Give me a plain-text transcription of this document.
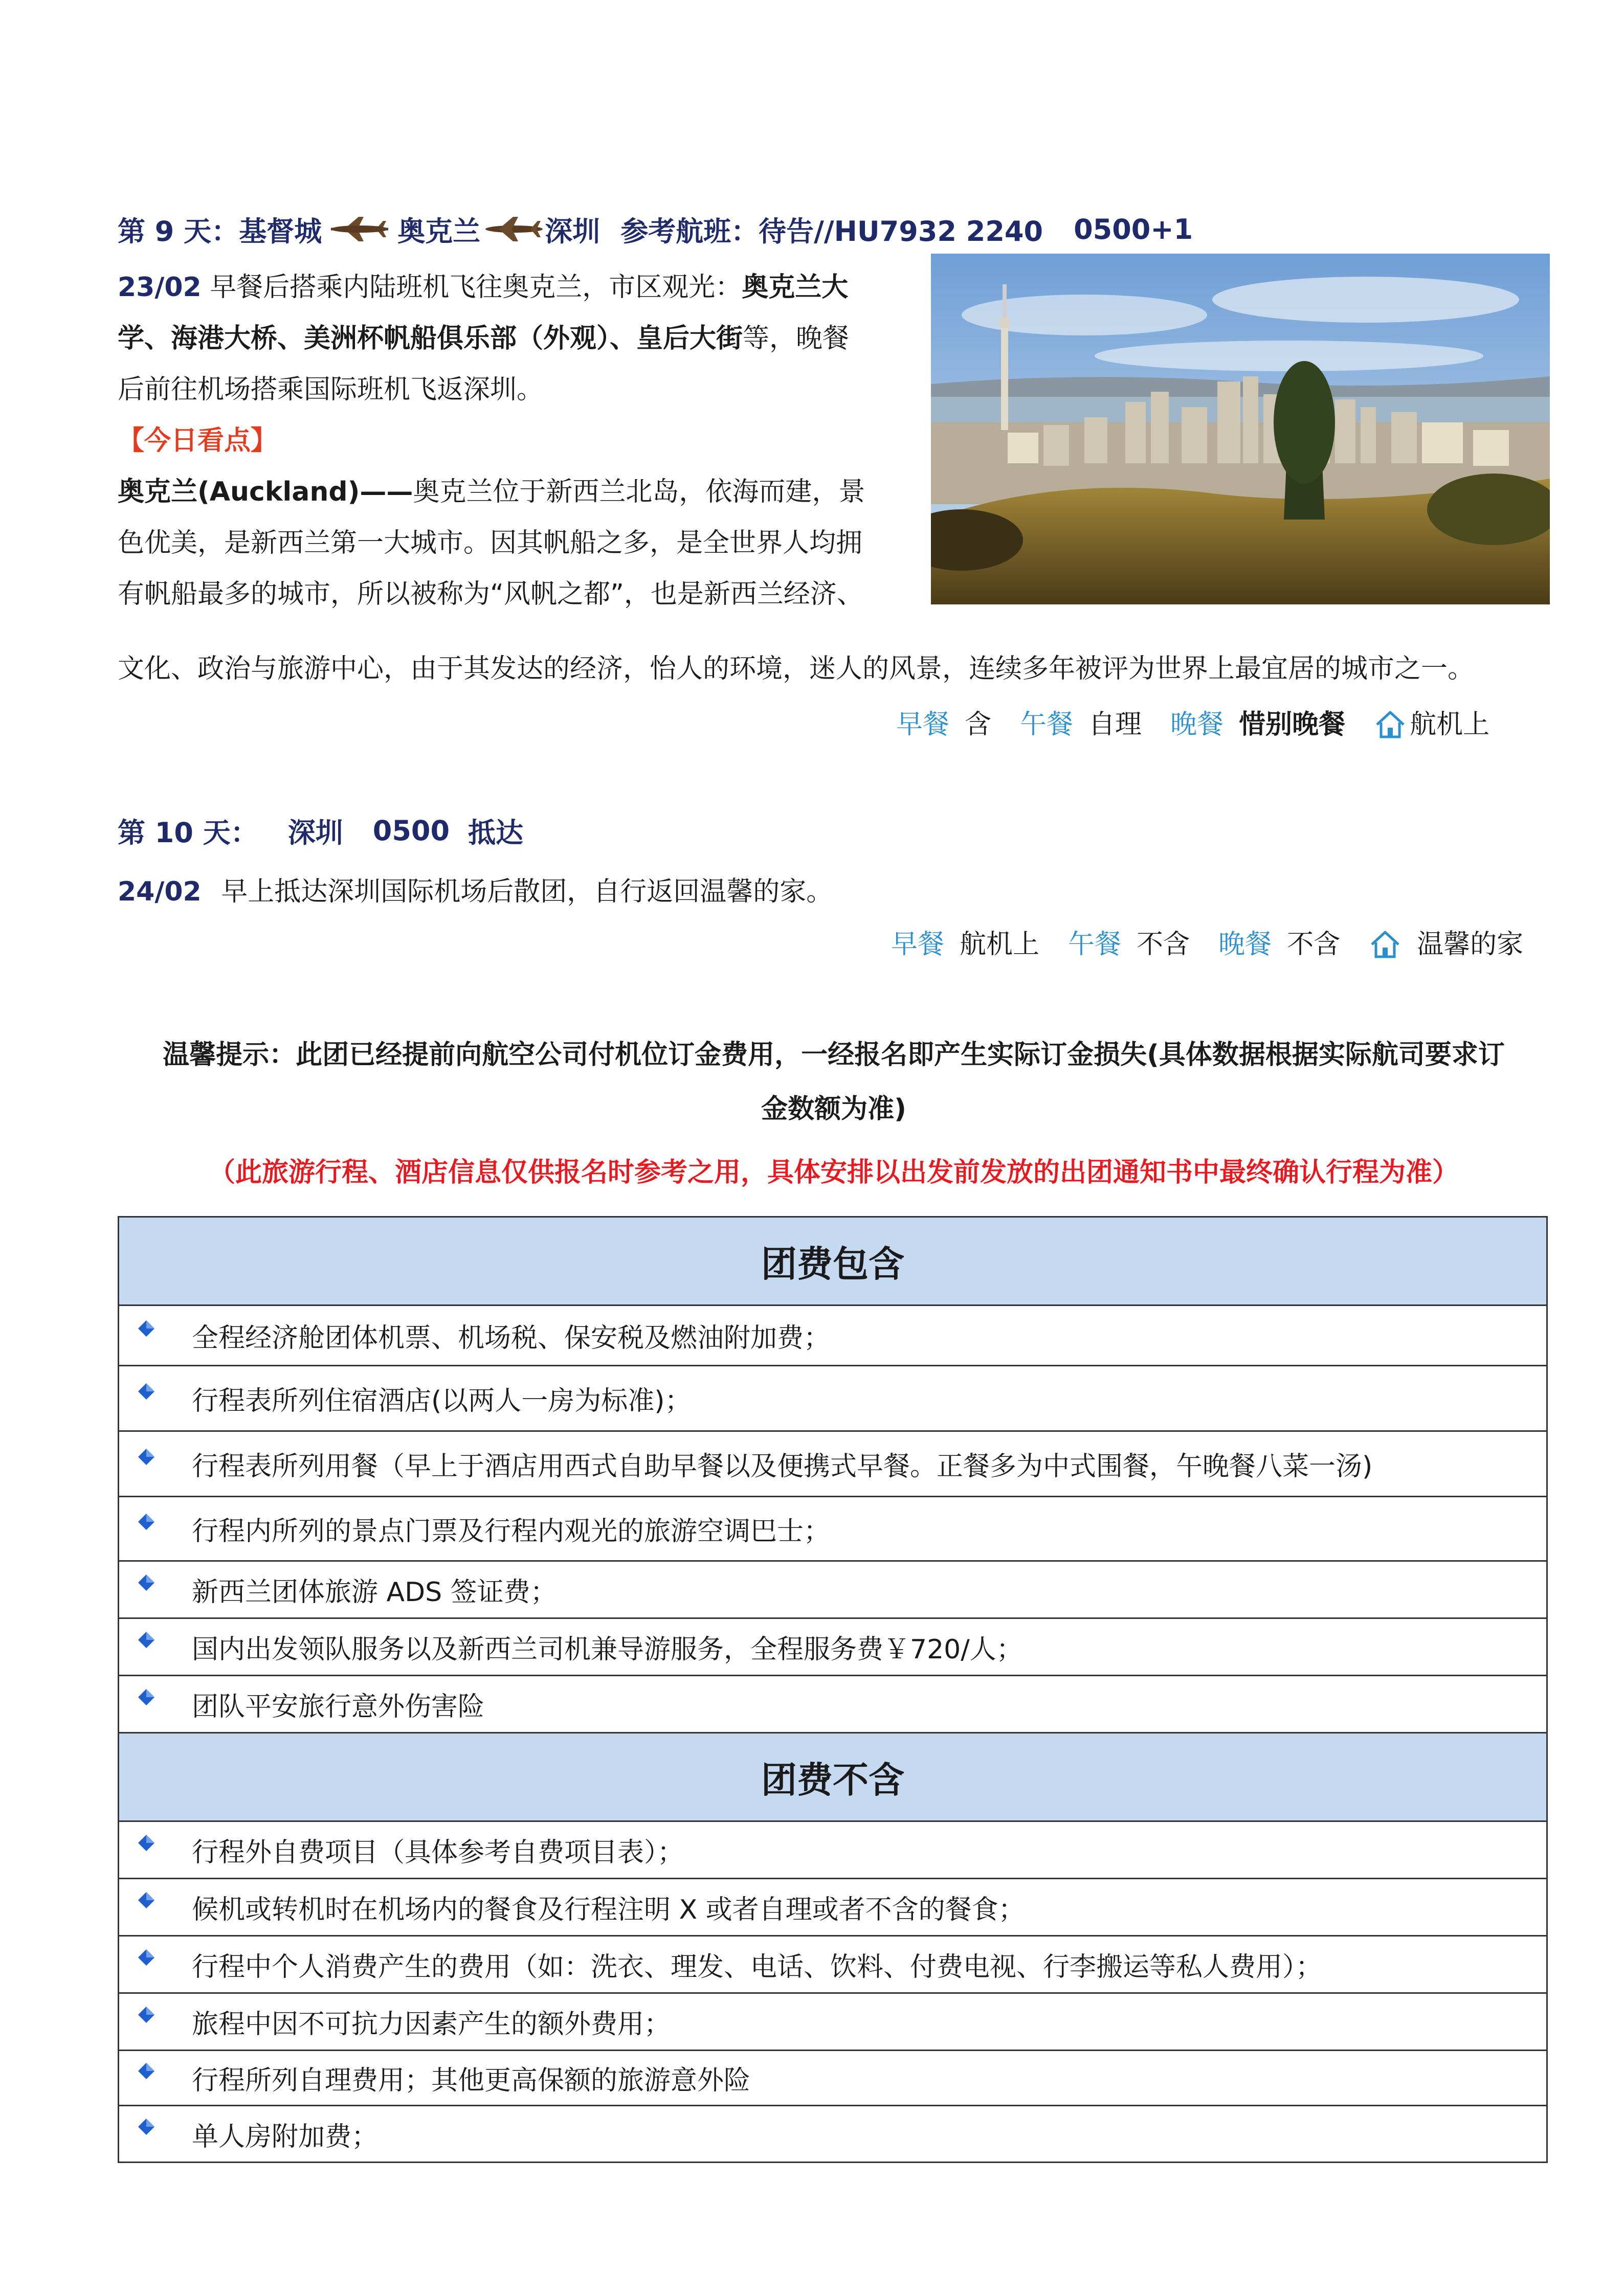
第 9 天： 基督城	奥克兰 深圳 参考航班：待告//HU7932 2240 0500+1
23/02 早餐后搭乘内陆班机飞往奥克兰，市区观光：奥克兰大
学、海港大桥、美洲杯帆船俱乐部（外观）、皇后大街等，晚餐
后前往机场搭乘国际班机飞返深圳。
【今日看点】
奥克兰(Auckland)——奥克兰位于新西兰北岛，依海而建，景
色优美，是新西兰第一大城市。因其帆船之多，是全世界人均拥
有帆船最多的城市，所以被称为“风帆之都”，也是新西兰经济、
文化、政治与旅游中心，由于其发达的经济，怡人的环境，迷人的风景，连续多年被评为世界上最宜居的城市之一。
早餐 含 午餐 自理 晚餐 惜别晚餐 航机上
第 10 天： 深圳 0500 抵达
24/02 早上抵达深圳国际机场后散团，自行返回温馨的家。
早餐 航机上 午餐 不含 晚餐 不含	温馨的家
温馨提示：此团已经提前向航空公司付机位订金费用，一经报名即产生实际订金损失(具体数据根据实际航司要求订
金数额为准)
（此旅游行程、酒店信息仅供报名时参考之用，具体安排以出发前发放的出团通知书中最终确认行程为准）
团费包含
全程经济舱团体机票、机场税、保安税及燃油附加费；
行程表所列住宿酒店(以两人一房为标准)；
行程表所列用餐（早上于酒店用西式自助早餐以及便携式早餐。正餐多为中式围餐，午晚餐八菜一汤)
行程内所列的景点门票及行程内观光的旅游空调巴士；
新西兰团体旅游 ADS 签证费；
国内出发领队服务以及新西兰司机兼导游服务，全程服务费￥720/人；
团队平安旅行意外伤害险
团费不含
行程外自费项目（具体参考自费项目表）；
候机或转机时在机场内的餐食及行程注明 X 或者自理或者不含的餐食；
行程中个人消费产生的费用（如：洗衣、理发、电话、饮料、付费电视、行李搬运等私人费用）；
旅程中因不可抗力因素产生的额外费用；
行程所列自理费用；其他更高保额的旅游意外险
单人房附加费；
